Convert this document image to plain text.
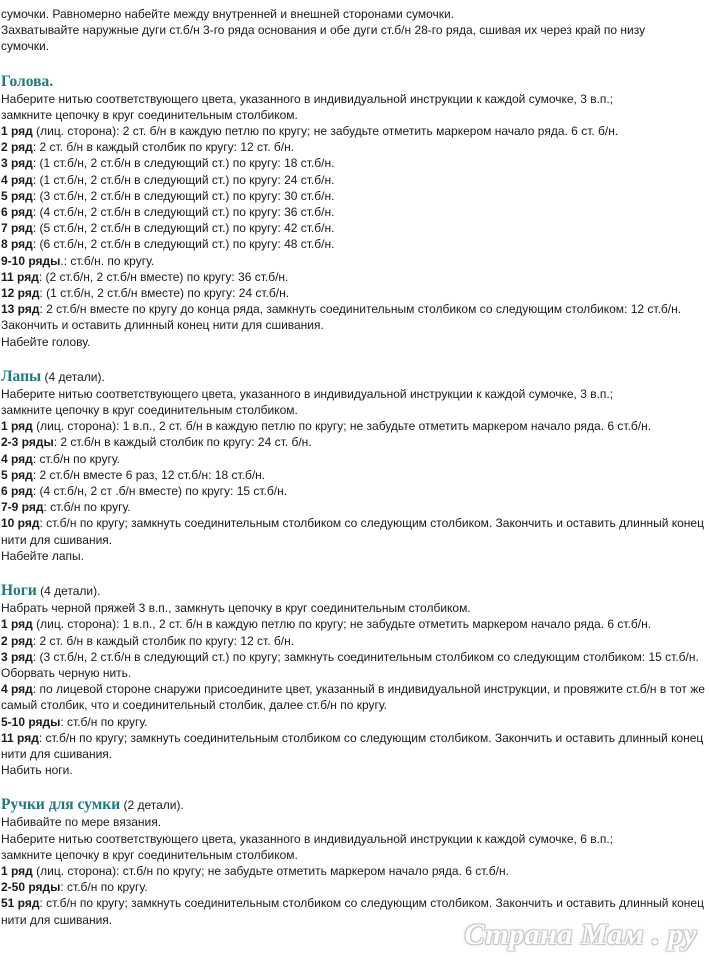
сумочки. Равномерно набейте между внутренней и внешней сторонами сумочки.
Захватывайте наружные дуги ст.б/н 3-го ряда основания и обе дуги ст.б/н 28-го ряда, сшивая их через край по низу
сумочки.
Голова.
Наберите нитью соответствующего цвета, указанного в индивидуальной инструкции к каждой сумочке, 3 в.п.;
замкните цепочку в круг соединительным столбиком.
1 ряд (лиц. сторона): 2 ст. б/н в каждую петлю по кругу; не забудьте отметить маркером начало ряда. 6 ст. б/н.
2 ряд: 2 ст. б/н в каждый столбик по кругу: 12 ст. б/н.
3 ряд: (1 ст.б/н, 2 ст.б/н в следующий ст.) по кругу: 18 ст.б/н.
4 ряд: (1 ст.б/н, 2 ст.б/н в следующий ст.) по кругу: 24 ст.б/н.
5 ряд: (3 ст.б/н, 2 ст.б/н в следующий ст.) по кругу: 30 ст.б/н.
6 ряд: (4 ст.б/н, 2 ст.б/н в следующий ст.) по кругу: 36 ст.б/н.
7 ряд: (5 ст.б/н, 2 ст.б/н в следующий ст.) по кругу: 42 ст.б/н.
8 ряд: (6 ст.б/н, 2 ст.б/н в следующий ст.) по кругу: 48 ст.б/н.
9-10 ряды.: ст.б/н. по кругу.
11 ряд: (2 ст.б/н, 2 ст.б/н вместе) по кругу: 36 ст.б/н.
12 ряд: (1 ст.б/н, 2 ст.б/н вместе) по кругу: 24 ст.б/н.
13 ряд: 2 ст.б/н вместе по кругу до конца ряда, замкнуть соединительным столбиком со следующим столбиком: 12 ст.б/н. Закончить и оставить длинный конец нити для сшивания.
Набейте голову.
Лапы (4 детали).
Наберите нитью соответствующего цвета, указанного в индивидуальной инструкции к каждой сумочке, 3 в.п.;
замкните цепочку в круг соединительным столбиком.
1 ряд (лиц. сторона): 1 в.п., 2 ст. б/н в каждую петлю по кругу; не забудьте отметить маркером начало ряда. 6 ст.б/н.
2-3 ряды: 2 ст.б/н в каждый столбик по кругу: 24 ст. б/н.
4 ряд: ст.б/н по кругу.
5 ряд: 2 ст.б/н вместе 6 раз, 12 ст.б/н: 18 ст.б/н.
6 ряд: (4 ст.б/н, 2 ст .б/н вместе) по кругу: 15 ст.б/н.
7-9 ряд: ст.б/н по кругу.
10 ряд: ст.б/н по кругу; замкнуть соединительным столбиком со следующим столбиком. Закончить и оставить длинный конец нити для сшивания.
Набейте лапы.
Ноги (4 детали).
Набрать черной пряжей 3 в.п., замкнуть цепочку в круг соединительным столбиком.
1 ряд (лиц. сторона): 1 в.п., 2 ст. б/н в каждую петлю по кругу; не забудьте отметить маркером начало ряда. 6 ст.б/н.
2 ряд: 2 ст. б/н в каждый столбик по кругу: 12 ст. б/н.
3 ряд: (3 ст.б/н, 2 ст.б/н в следующий ст.) по кругу; замкнуть соединительным столбиком со следующим столбиком: 15 ст.б/н. Оборвать черную нить.
4 ряд: по лицевой стороне снаружи присоедините цвет, указанный в индивидуальной инструкции, и провяжите ст.б/н в тот же самый столбик, что и соединительный столбик, далее ст.б/н по кругу.
5-10 ряды: ст.б/н по кругу.
11 ряд: ст.б/н по кругу; замкнуть соединительным столбиком со следующим столбиком. Закончить и оставить длинный конец нити для сшивания.
Набить ноги.
Ручки для сумки (2 детали).
Набивайте по мере вязания.
Наберите нитью соответствующего цвета, указанного в индивидуальной инструкции к каждой сумочке, 6 в.п.;
замкните цепочку в круг соединительным столбиком.
1 ряд (лиц. сторона): ст.б/н по кругу; не забудьте отметить маркером начало ряда. 6 ст.б/н.
2-50 ряды: ст.б/н по кругу.
51 ряд: ст.б/н по кругу; замкнуть соединительным столбиком со следующим столбиком. Закончить и оставить длинный конец нити для сшивания.	Страна Мам . ру
